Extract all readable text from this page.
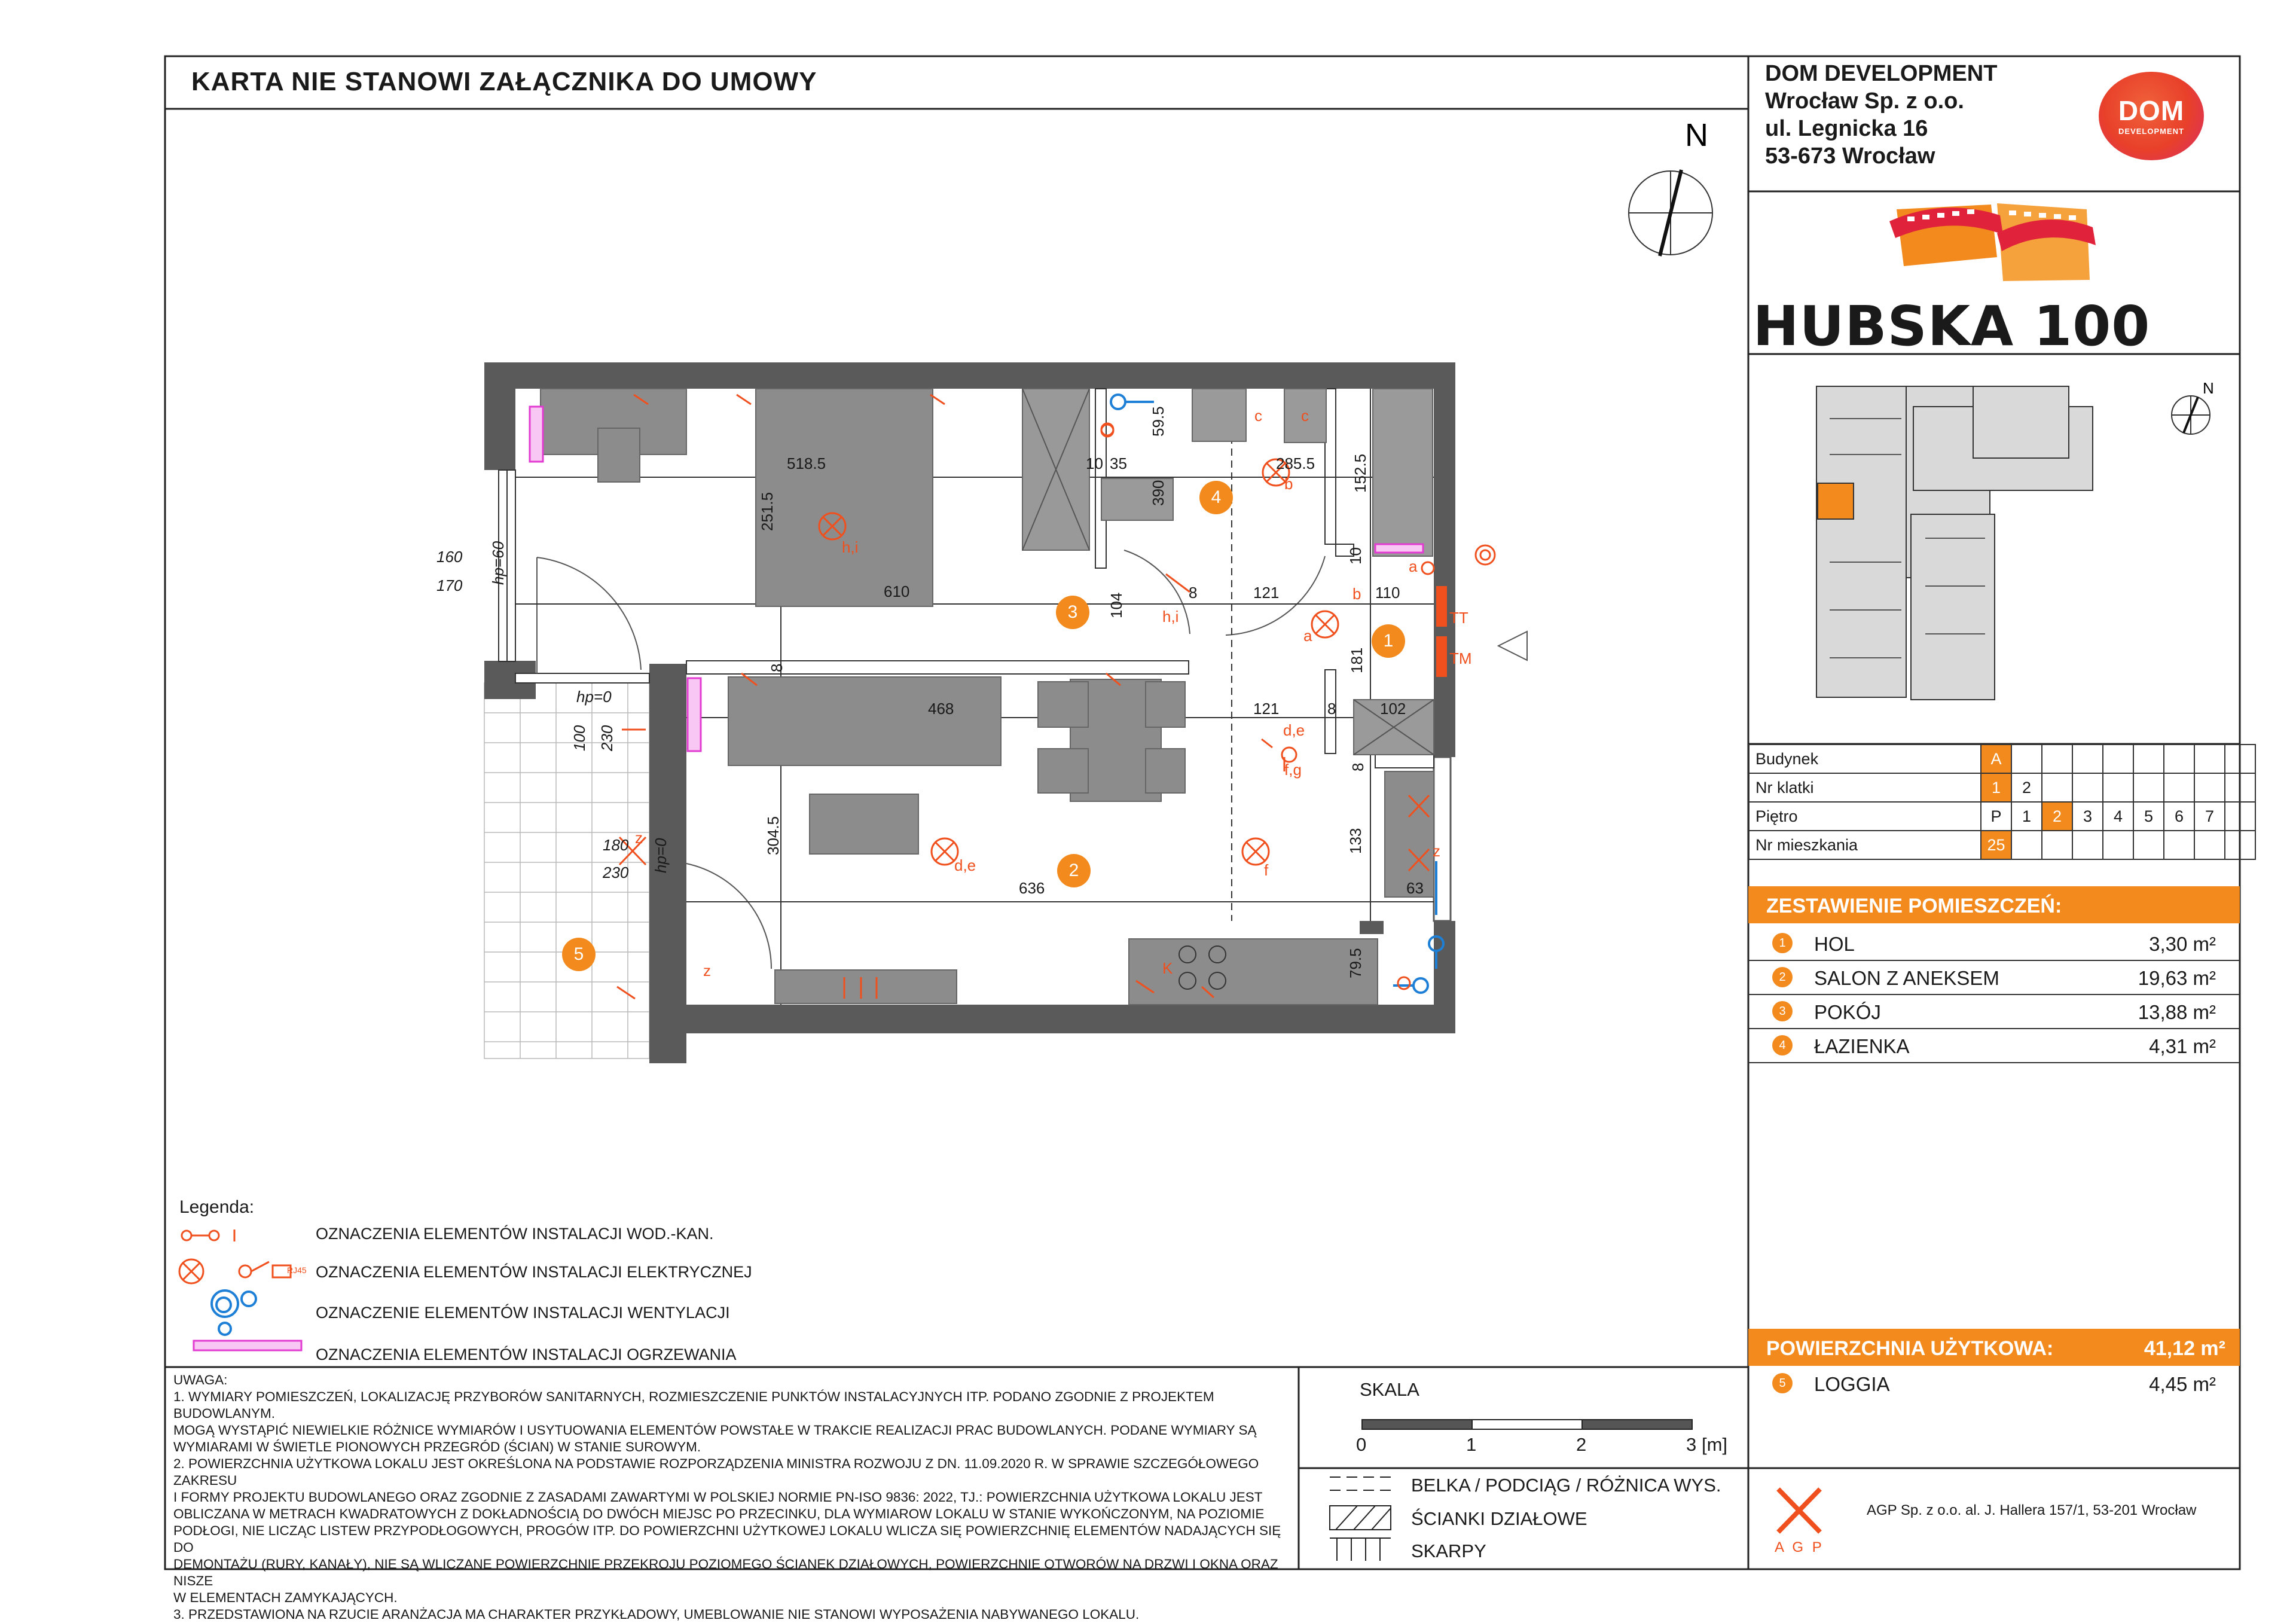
N
N
KARTA NIE STANOWI ZAŁĄCZNIKA DO UMOWY	DOM DEVELOPMENT
Wrocław Sp. z o.o.
ul. Legnicka 16
53-673 Wrocław
DOM
DEVELOPMENT
HUBSKA 100
Budynek	A								
Nr klatki	1	2							
Piętro	P	1	2	3	4	5	6	7	
Nr mieszkania	25								
ZESTAWIENIE POMIESZCZEŃ:
1	HOL	3,30 m²
2	SALON Z ANEKSEM	19,63 m²
3	POKÓJ	13,88 m²
4	ŁAZIENKA	4,31 m²
POWIERZCHNIA UŻYTKOWA:	41,12 m²
5	LOGGIA	4,45 m²
1
2
3
4
5
518.5
251.5
610
10 35
390
59.5
285.5 152.5
104	8	121
10
110
181
8
468	121	8	102
8
304.5
636
133
63
79.5
160
170
100 230
180
230
hp=60
hp=0
hp=0
TT
TM
h,i
h,i
d,e
f
d,e
f,g
a
a
b
b
c	c
z
z
z
K
Legenda:
OZNACZENIA ELEMENTÓW INSTALACJI WOD.-KAN.
OZNACZENIA ELEMENTÓW INSTALACJI ELEKTRYCZNEJ
OZNACZENIE ELEMENTÓW INSTALACJI WENTYLACJI
OZNACZENIA ELEMENTÓW INSTALACJI OGRZEWANIA
RJ45

UWAGA:

1. WYMIARY POMIESZCZEŃ, LOKALIZACJĘ PRZYBORÓW SANITARNYCH, ROZMIESZCZENIE PUNKTÓW INSTALACYJNYCH ITP. PODANO ZGODNIE Z PROJEKTEM BUDOWLANYM.

MOGĄ WYSTĄPIĆ NIEWIELKIE RÓŻNICE WYMIARÓW I USYTUOWANIA ELEMENTÓW POWSTAŁE W TRAKCIE REALIZACJI PRAC BUDOWLANYCH. PODANE WYMIARY SĄ

WYMIARAMI W ŚWIETLE PIONOWYCH PRZEGRÓD (ŚCIAN) W STANIE SUROWYM.

2. POWIERZCHNIA UŻYTKOWA LOKALU JEST OKREŚLONA NA PODSTAWIE ROZPORZĄDZENIA MINISTRA ROZWOJU Z DN. 11.09.2020 R. W SPRAWIE SZCZEGÓŁOWEGO ZAKRESU

I FORMY PROJEKTU BUDOWLANEGO ORAZ ZGODNIE Z ZASADAMI ZAWARTYMI W POLSKIEJ NORMIE PN-ISO 9836: 2022, TJ.: POWIERZCHNIA UŻYTKOWA LOKALU JEST

OBLICZANA W METRACH KWADRATOWYCH Z DOKŁADNOŚCIĄ DO DWÓCH MIEJSC PO PRZECINKU, DLA WYMIAROW LOKALU W STANIE WYKOŃCZONYM, NA POZIOMIE

PODŁOGI, NIE LICZĄC LISTEW PRZYPODŁOGOWYCH, PROGÓW ITP. DO POWIERZCHNI UŻYTKOWEJ LOKALU WLICZA SIĘ POWIERZCHNIĘ ELEMENTÓW NADAJĄCYCH SIĘ DO

DEMONTAŻU (RURY, KANAŁY), NIE SĄ WLICZANE POWIERZCHNIE PRZEKROJU POZIOMEGO ŚCIANEK DZIAŁOWYCH, POWIERZCHNIE OTWORÓW NA DRZWI I OKNA ORAZ NISZE

W ELEMENTACH ZAMYKAJĄCYCH.

3. PRZEDSTAWIONA NA RZUCIE ARANŻACJA MA CHARAKTER PRZYKŁADOWY, UMEBLOWANIE NIE STANOWI WYPOSAŻENIA NABYWANEGO LOKALU.

SKALA
0	1	2	3 [m]
BELKA / PODCIĄG / RÓŻNICA WYS.
ŚCIANKI DZIAŁOWE
SKARPY	A G P
AGP Sp. z o.o. al. J. Hallera 157/1, 53-201 Wrocław
